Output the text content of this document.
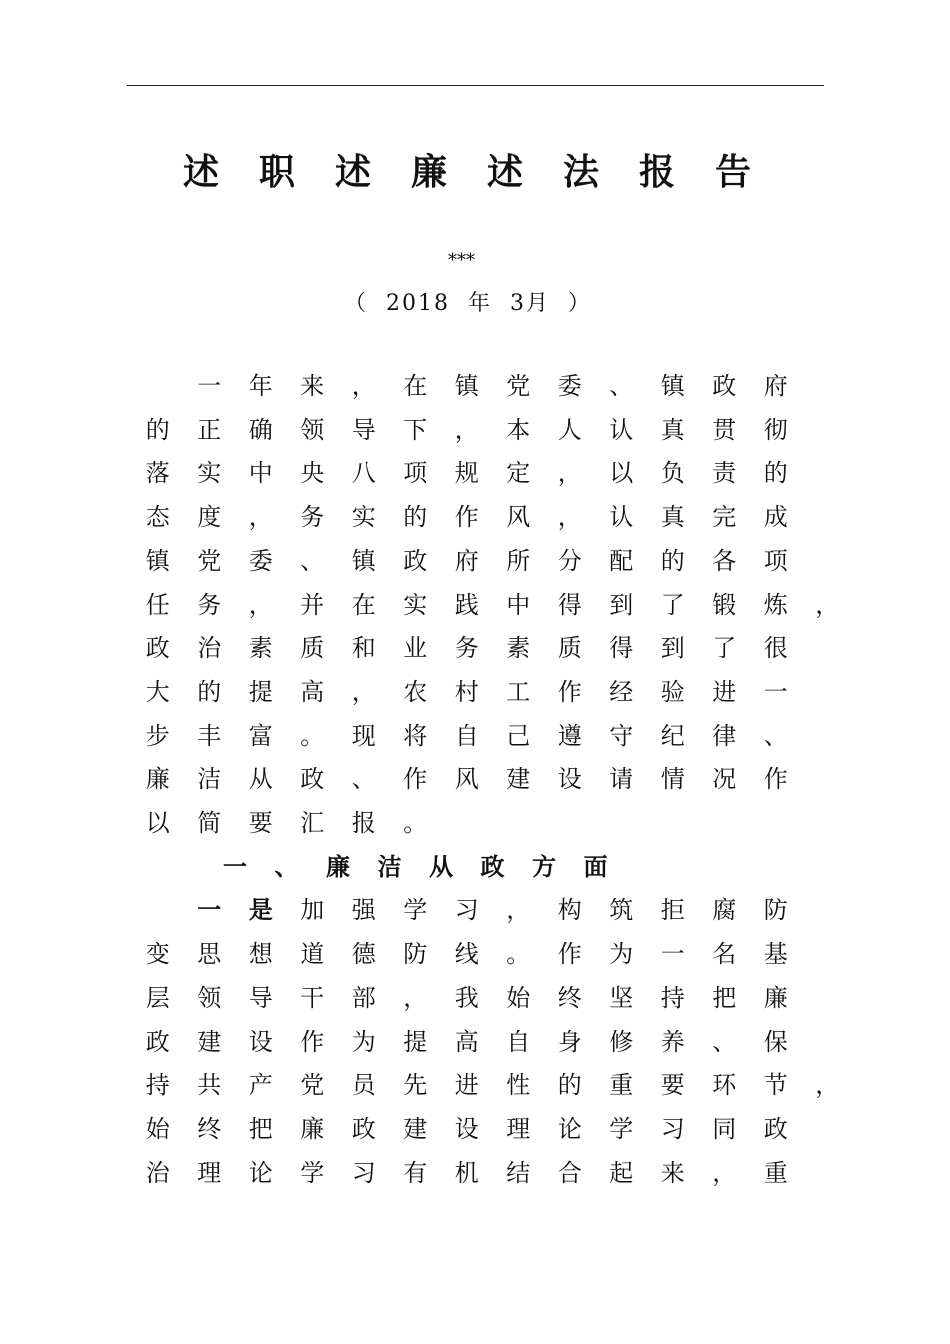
述职述廉述法报告
***
（  2018  年  3月  ）
一	年	来	，	在	镇	党	委	、	镇	政	府
的	正	确	领	导	下	，	本	人	认	真	贯	彻
落	实	中	央	八	项	规	定	，	以	负	责	的
态	度	，	务	实	的	作	风	，	认	真	完	成
镇	党	委	、	镇	政	府	所	分	配	的	各	项
任	务	，	并	在	实	践	中	得	到	了	锻	炼	，
政	治	素	质	和	业	务	素	质	得	到	了	很
大	的	提	高	，	农	村	工	作	经	验	进	一
步	丰	富	。	现	将	自	己	遵	守	纪	律	、
廉	洁	从	政	、	作	风	建	设	请	情	况	作
以	简	要	汇	报	。
一	、	廉	洁	从	政	方	面
一	是	加	强	学	习	，	构	筑	拒	腐	防
变	思	想	道	德	防	线	。	作	为	一	名	基
层	领	导	干	部	，	我	始	终	坚	持	把	廉
政	建	设	作	为	提	高	自	身	修	养	、	保
持	共	产	党	员	先	进	性	的	重	要	环	节	，
始	终	把	廉	政	建	设	理	论	学	习	同	政
治	理	论	学	习	有	机	结	合	起	来	，	重
